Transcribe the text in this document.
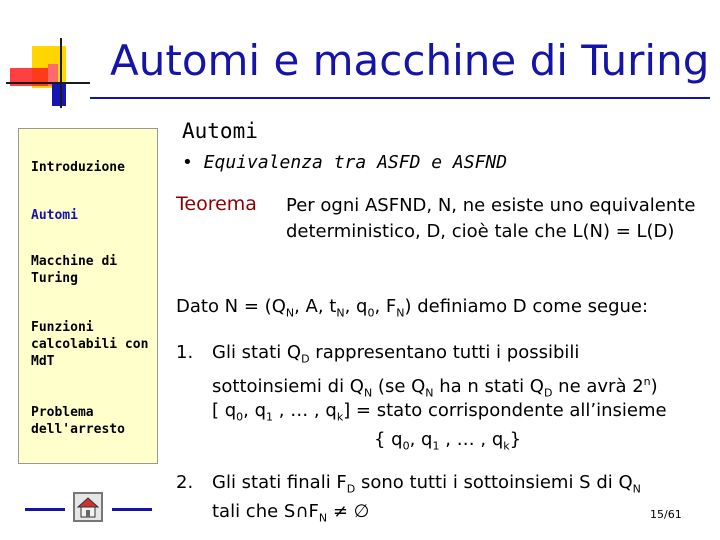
Automi e macchine di Turing
Introduzione
Automi
Macchine di Turing
Funzioni calcolabili con MdT
Problema dell'arresto
Automi
• Equivalenza tra ASFD e ASFND
Teorema Per ogni ASFND, N, ne esiste uno equivalente deterministico, D, cioè tale che L(N) = L(D)
Dato $N = (Q_N$, A, $t_N$, $q_0$, $F_N$) definiamo D come segue:
1. Gli stati $Q_D$ rappresentano tutti i possibili
sottoinsiemi di $Q_N$ (se $Q_N$ ha n stati $Q_D$ ne avrà 2$^n$)
[ $q_0$, $q_1$ , … , $q_k$] = stato corrispondente all’insieme
{ $q_0$, $q_1$ , … , $q_k$}
2. Gli stati finali $F_D$ sono tutti i sottoinsiemi S di $Q_N$
tali che $S\cap F_N$ ≠ ∅	15/61
